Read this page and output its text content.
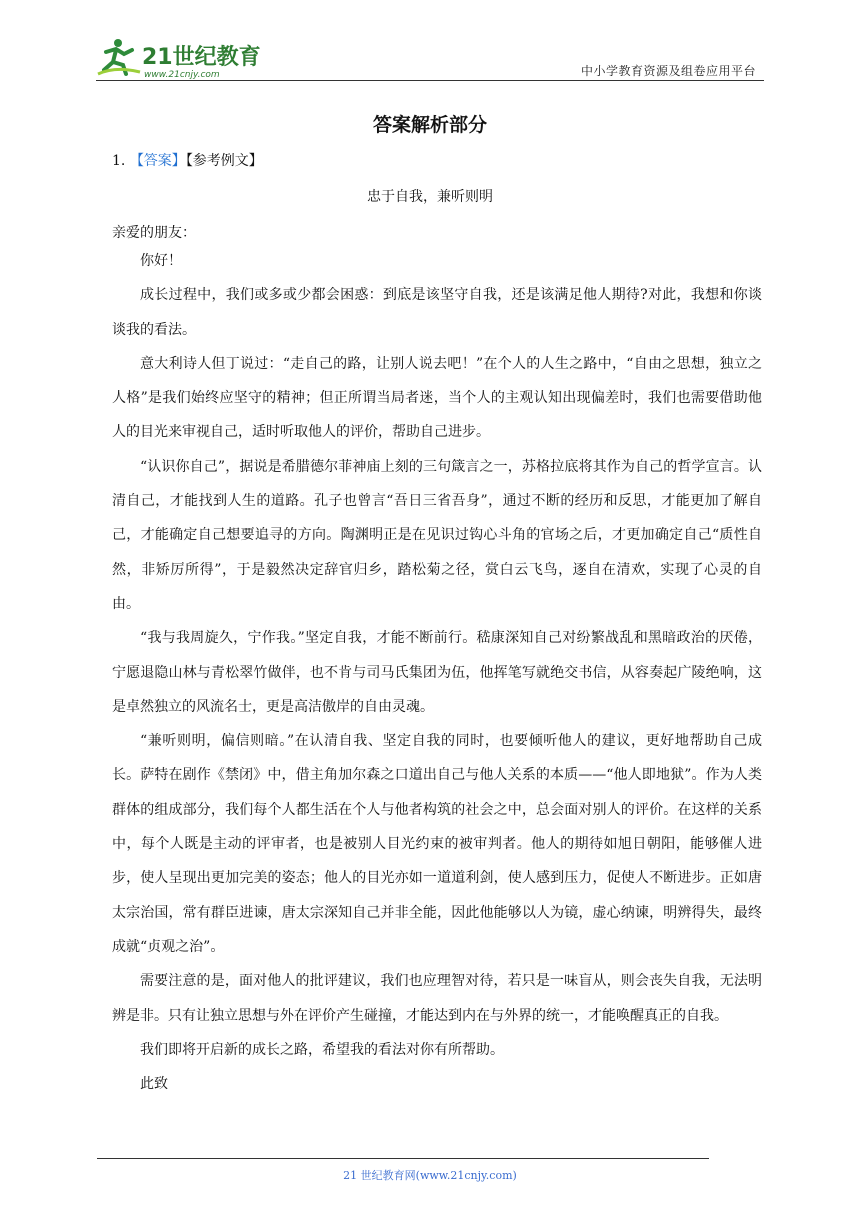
21世纪教育
www.21cnjy.com	中小学教育资源及组卷应用平台
答案解析部分
1. 【答案】【参考例文】
忠于自我，兼听则明
亲爱的朋友：

你好！

成长过程中，我们或多或少都会困惑：到底是该坚守自我，还是该满足他人期待?对此，我想和你谈谈我的看法。

意大利诗人但丁说过：“走自己的路，让别人说去吧！”在个人的人生之路中，“自由之思想，独立之人格”是我们始终应坚守的精神；但正所谓当局者迷，当个人的主观认知出现偏差时，我们也需要借助他人的目光来审视自己，适时听取他人的评价，帮助自己进步。

“认识你自己”，据说是希腊德尔菲神庙上刻的三句箴言之一，苏格拉底将其作为自己的哲学宣言。认清自己，才能找到人生的道路。孔子也曾言“吾日三省吾身”，通过不断的经历和反思，才能更加了解自己，才能确定自己想要追寻的方向。陶渊明正是在见识过钩心斗角的官场之后，才更加确定自己“质性自然，非矫厉所得”，于是毅然决定辞官归乡，踏松菊之径，赏白云飞鸟，逐自在清欢，实现了心灵的自由。

“我与我周旋久，宁作我。”坚定自我，才能不断前行。嵇康深知自己对纷繁战乱和黑暗政治的厌倦，宁愿退隐山林与青松翠竹做伴，也不肯与司马氏集团为伍，他挥笔写就绝交书信，从容奏起广陵绝响，这是卓然独立的风流名士，更是高洁傲岸的自由灵魂。

“兼听则明，偏信则暗。”在认清自我、坚定自我的同时，也要倾听他人的建议，更好地帮助自己成长。萨特在剧作《禁闭》中，借主角加尔森之口道出自己与他人关系的本质——“他人即地狱”。作为人类群体的组成部分，我们每个人都生活在个人与他者构筑的社会之中，总会面对别人的评价。在这样的关系中，每个人既是主动的评审者，也是被别人目光约束的被审判者。他人的期待如旭日朝阳，能够催人进步，使人呈现出更加完美的姿态；他人的目光亦如一道道利剑，使人感到压力，促使人不断进步。正如唐太宗治国，常有群臣进谏，唐太宗深知自己并非全能，因此他能够以人为镜，虚心纳谏，明辨得失，最终成就“贞观之治”。

需要注意的是，面对他人的批评建议，我们也应理智对待，若只是一味盲从，则会丧失自我，无法明辨是非。只有让独立思想与外在评价产生碰撞，才能达到内在与外界的统一，才能唤醒真正的自我。

我们即将开启新的成长之路，希望我的看法对你有所帮助。

此致

21 世纪教育网(www.21cnjy.com)
